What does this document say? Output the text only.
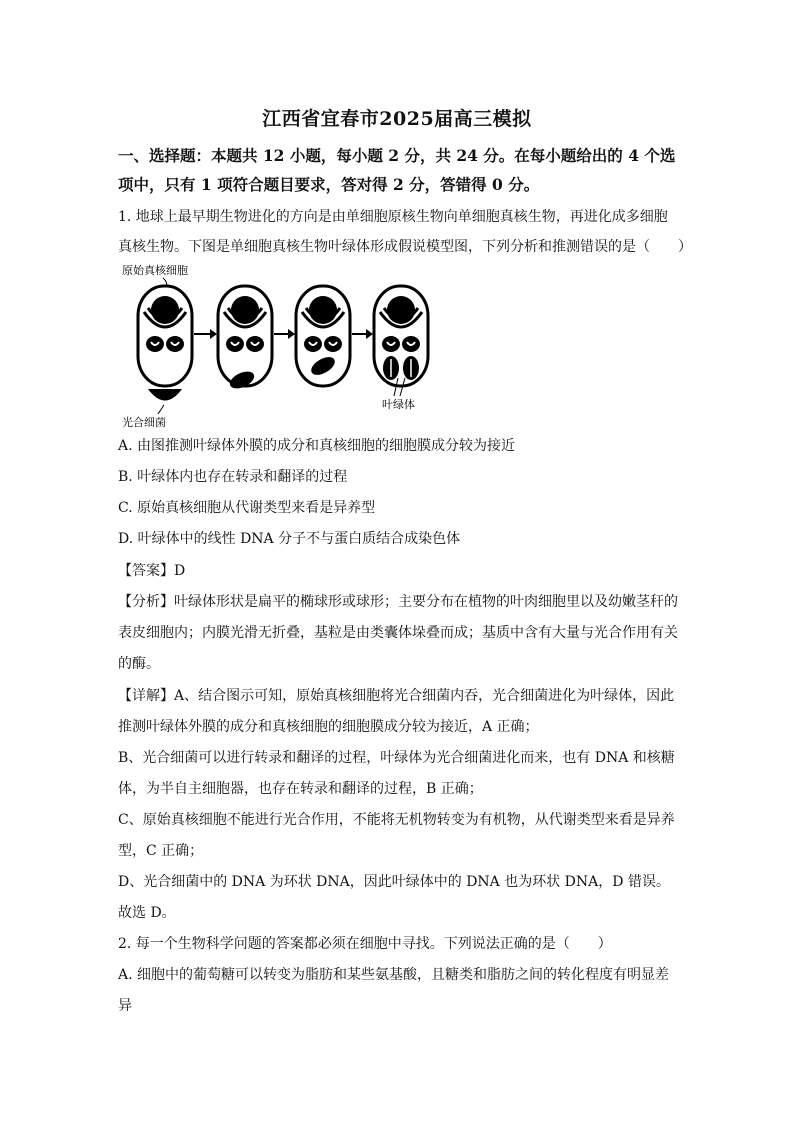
江西省宜春市2025届高三模拟
一、选择题：本题共 12 小题，每小题 2 分，共 24 分。在每小题给出的 4 个选
项中，只有 1 项符合题目要求，答对得 2 分，答错得 0 分。
1. 地球上最早期生物进化的方向是由单细胞原核生物向单细胞真核生物，再进化成多细胞
真核生物。下图是单细胞真核生物叶绿体形成假说模型图，下列分析和推测错误的是（　　）
原始真核细胞
光合细菌
叶绿体
A. 由图推测叶绿体外膜的成分和真核细胞的细胞膜成分较为接近
B. 叶绿体内也存在转录和翻译的过程
C. 原始真核细胞从代谢类型来看是异养型
D. 叶绿体中的线性 DNA 分子不与蛋白质结合成染色体
【答案】D
【分析】叶绿体形状是扁平的椭球形或球形；主要分布在植物的叶肉细胞里以及幼嫩茎秆的
表皮细胞内；内膜光滑无折叠，基粒是由类囊体垛叠而成；基质中含有大量与光合作用有关
的酶。
【详解】A、结合图示可知，原始真核细胞将光合细菌内吞，光合细菌进化为叶绿体，因此
推测叶绿体外膜的成分和真核细胞的细胞膜成分较为接近，A 正确；
B、光合细菌可以进行转录和翻译的过程，叶绿体为光合细菌进化而来，也有 DNA 和核糖
体，为半自主细胞器，也存在转录和翻译的过程，B 正确；
C、原始真核细胞不能进行光合作用，不能将无机物转变为有机物，从代谢类型来看是异养
型，C 正确；
D、光合细菌中的 DNA 为环状 DNA，因此叶绿体中的 DNA 也为环状 DNA，D 错误。
故选 D。
2. 每一个生物科学问题的答案都必须在细胞中寻找。下列说法正确的是（　　）
A. 细胞中的葡萄糖可以转变为脂肪和某些氨基酸，且糖类和脂肪之间的转化程度有明显差
异
